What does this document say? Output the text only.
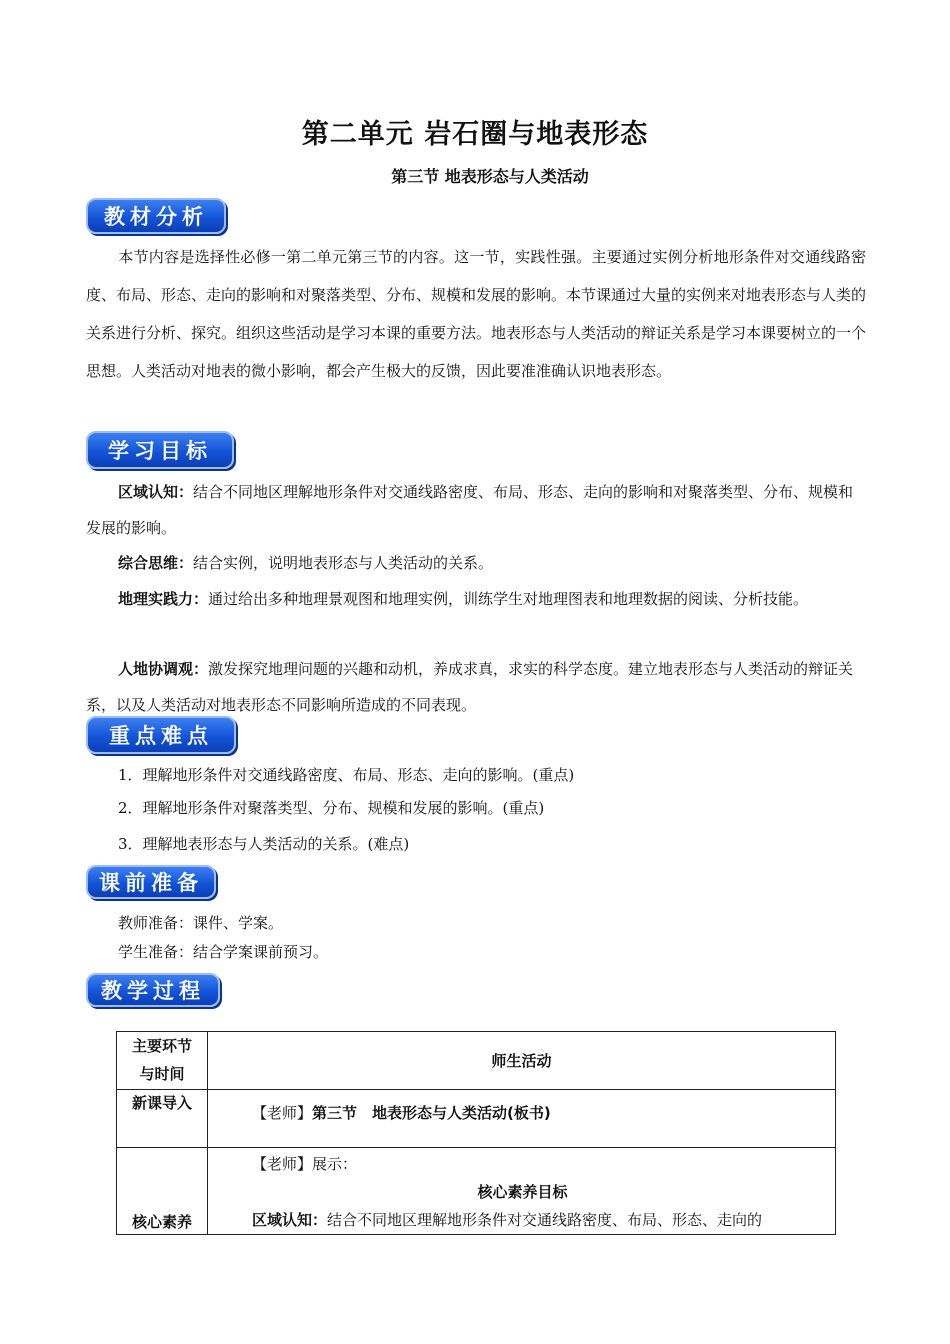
第二单元 岩石圈与地表形态
第三节 地表形态与人类活动
教材分析
本节内容是选择性必修一第二单元第三节的内容。这一节，实践性强。主要通过实例分析地形条件对交通线路密度、布局、形态、走向的影响和对聚落类型、分布、规模和发展的影响。本节课通过大量的实例来对地表形态与人类的关系进行分析、探究。组织这些活动是学习本课的重要方法。地表形态与人类活动的辩证关系是学习本课要树立的一个思想。人类活动对地表的微小影响，都会产生极大的反馈，因此要准准确认识地表形态。
学习目标
区域认知：结合不同地区理解地形条件对交通线路密度、布局、形态、走向的影响和对聚落类型、分布、规模和发展的影响。
综合思维：结合实例，说明地表形态与人类活动的关系。
地理实践力：通过给出多种地理景观图和地理实例，训练学生对地理图表和地理数据的阅读、分析技能。
人地协调观：激发探究地理问题的兴趣和动机，养成求真，求实的科学态度。建立地表形态与人类活动的辩证关系，以及人类活动对地表形态不同影响所造成的不同表现。
重点难点
1．理解地形条件对交通线路密度、布局、形态、走向的影响。(重点)
2．理解地形条件对聚落类型、分布、规模和发展的影响。(重点)
3．理解地表形态与人类活动的关系。(难点)
课前准备
教师准备：课件、学案。
学生准备：结合学案课前预习。
教学过程
主要环节
与时间	师生活动
新课导入	【老师】第三节　地表形态与人类活动(板书)
核心素养	【老师】展示：
核心素养目标
区域认知：结合不同地区理解地形条件对交通线路密度、布局、形态、走向的
